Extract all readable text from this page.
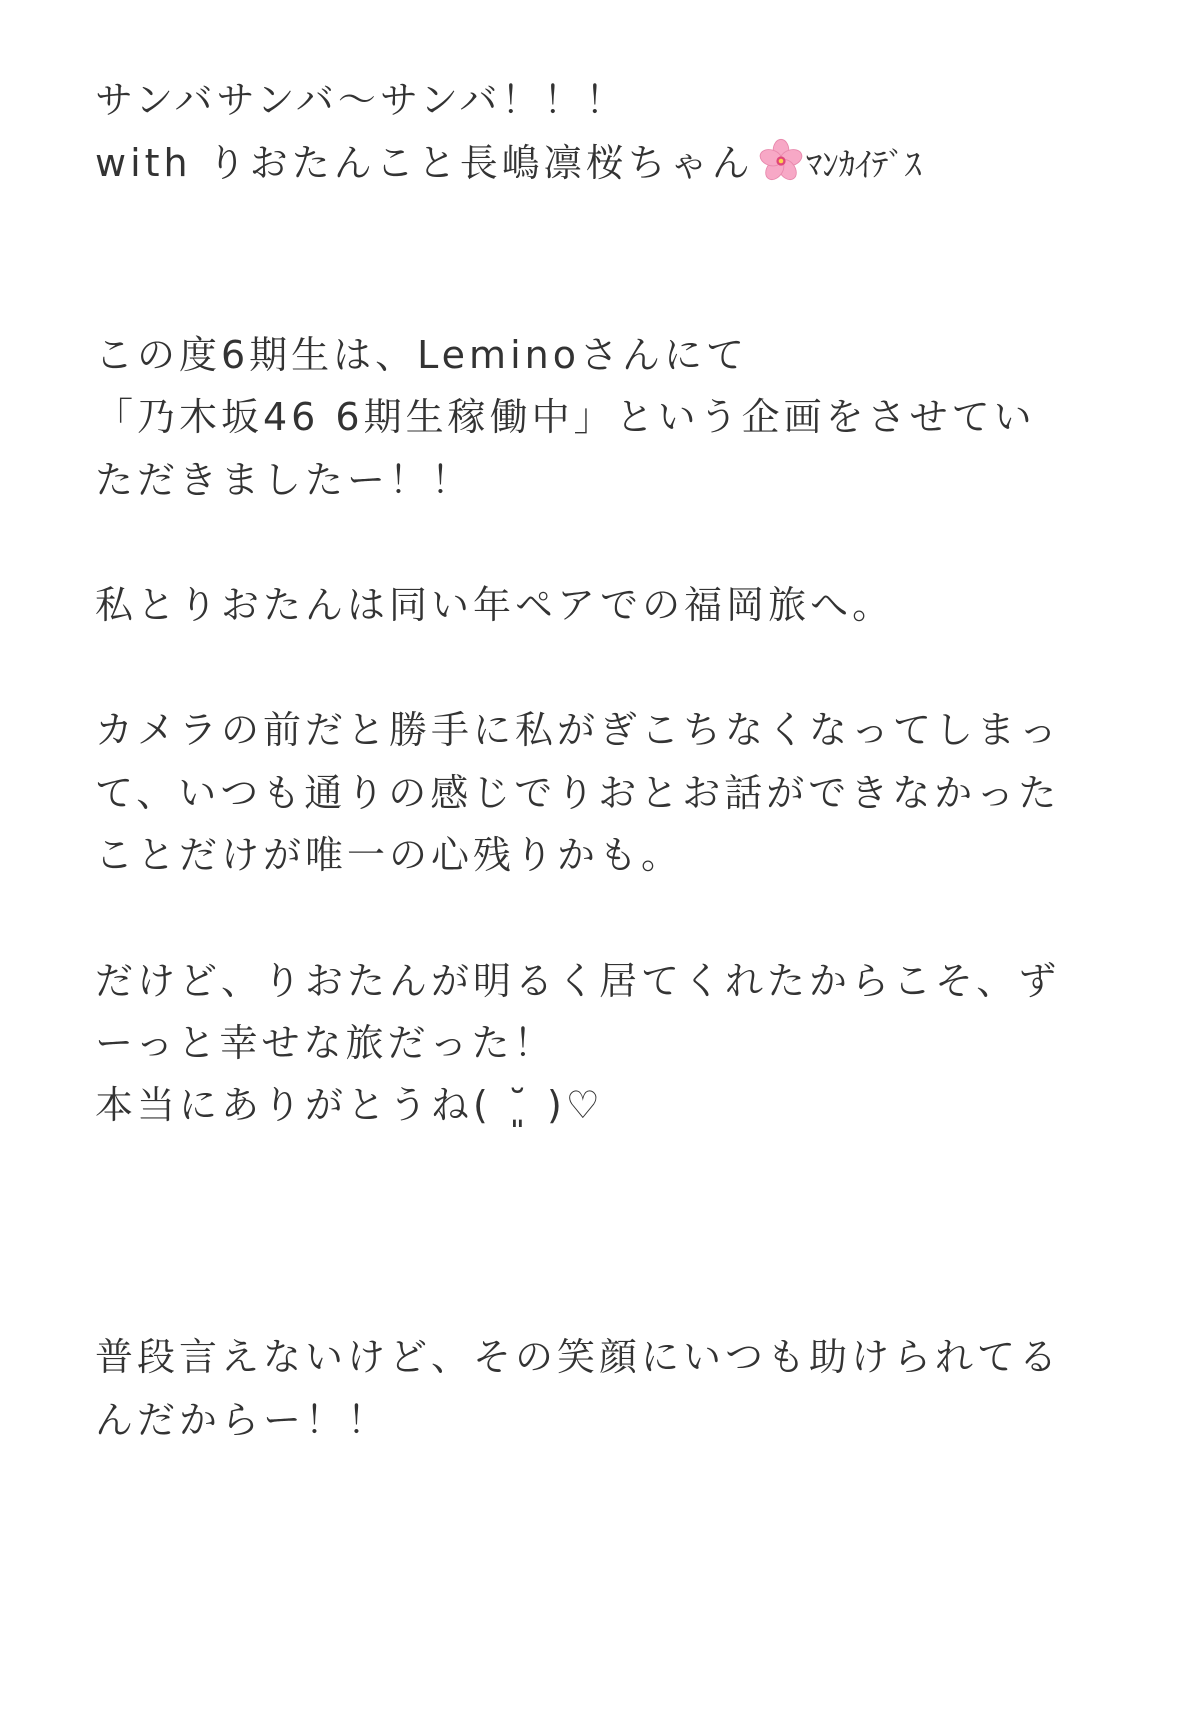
サンバサンバ〜サンバ！！！
with りおたんこと長嶋凛桜ちゃん ﾏﾝｶｲﾃﾞｽ
この度6期生は、Leminoさんにて
「乃木坂46 6期生稼働中」という企画をさせてい
ただきましたー！！
私とりおたんは同い年ペアでの福岡旅へ。
カメラの前だと勝手に私がぎこちなくなってしまっ
て、いつも通りの感じでりおとお話ができなかった
ことだけが唯一の心残りかも。
だけど、りおたんが明るく居てくれたからこそ、ず
ーっと幸せな旅だった！
本当にありがとうね( ˘͈ )♡
普段言えないけど、その笑顔にいつも助けられてる
んだからー！！
